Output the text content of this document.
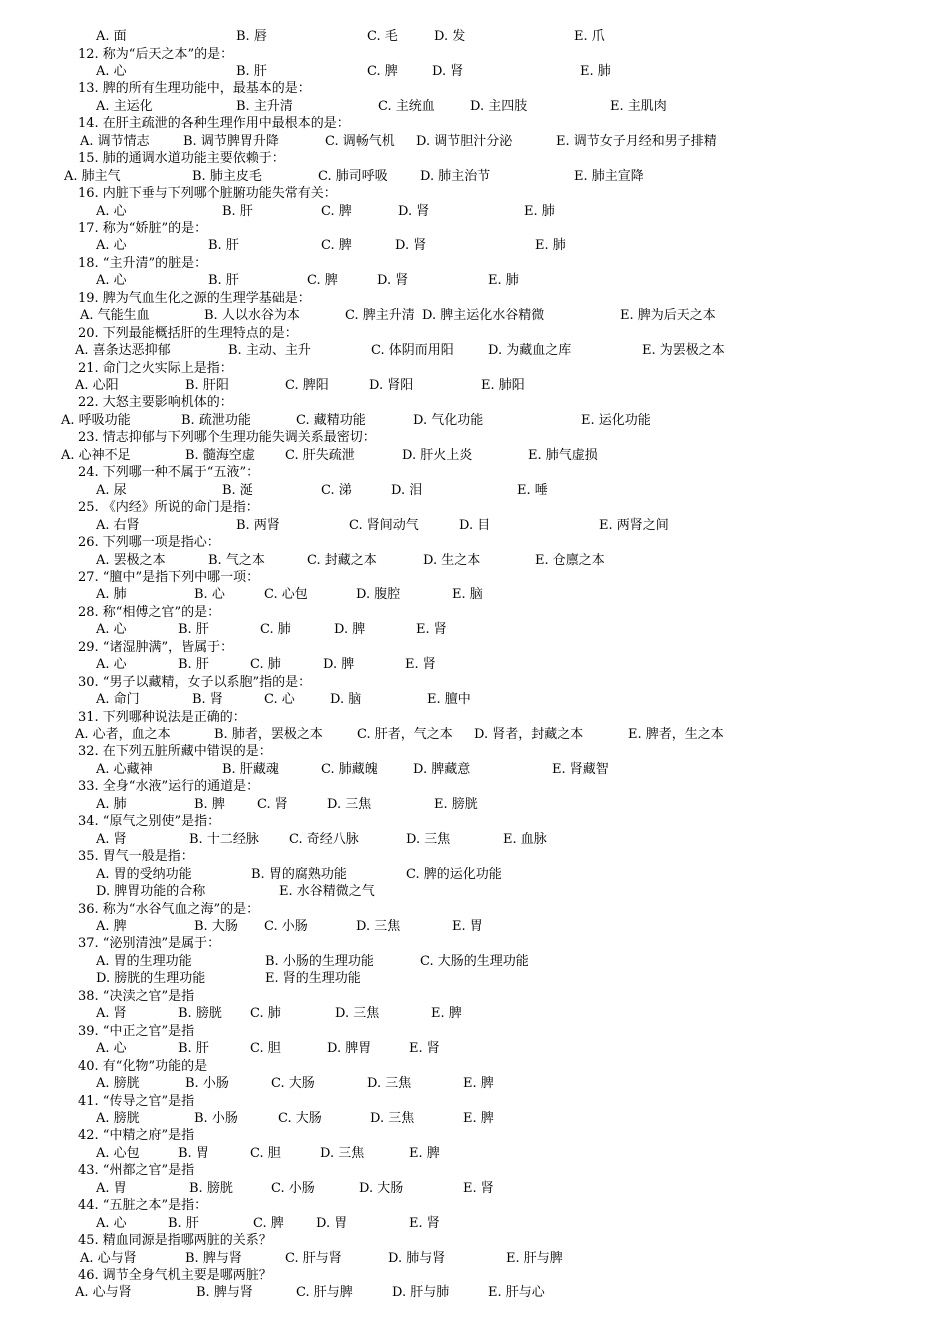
A. 面	B. 唇	C. 毛	D. 发	E. 爪
12. 称为“后天之本”的是：
A. 心	B. 肝	C. 脾	D. 肾	E. 肺
13. 脾的所有生理功能中，最基本的是：
A. 主运化	B. 主升清	C. 主统血	D. 主四肢	E. 主肌肉
14. 在肝主疏泄的各种生理作用中最根本的是：
A. 调节情志	B. 调节脾胃升降	C. 调畅气机 D. 调节胆汁分泌	E. 调节女子月经和男子排精
15. 肺的通调水道功能主要依赖于：
A. 肺主气	B. 肺主皮毛	C. 肺司呼吸 D. 肺主治节	E. 肺主宣降
16. 内脏下垂与下列哪个脏腑功能失常有关：
A. 心	B. 肝	C. 脾	D. 肾	E. 肺
17. 称为“娇脏”的是：
A. 心	B. 肝	C. 脾	D. 肾	E. 肺
18. “主升清”的脏是：
A. 心	B. 肝	C. 脾	D. 肾	E. 肺
19. 脾为气血生化之源的生理学基础是：
A. 气能生血	B. 人以水谷为本	C. 脾主升清 D. 脾主运化水谷精微	E. 脾为后天之本
20. 下列最能概括肝的生理特点的是：
A. 喜条达恶抑郁	B. 主动、主升	C. 体阴而用阳	D. 为藏血之库	E. 为罢极之本
21. 命门之火实际上是指：
A. 心阳	B. 肝阳	C. 脾阳	D. 肾阳	E. 肺阳
22. 大怒主要影响机体的：
A. 呼吸功能	B. 疏泄功能	C. 藏精功能	D. 气化功能	E. 运化功能
23. 情志抑郁与下列哪个生理功能失调关系最密切：
A. 心神不足	B. 髓海空虚 C. 肝失疏泄	D. 肝火上炎	E. 肺气虚损
24. 下列哪一种不属于“五液”：
A. 尿	B. 涎	C. 涕	D. 泪	E. 唾
25. 《内经》所说的命门是指：
A. 右肾	B. 两肾	C. 肾间动气	D. 目	E. 两肾之间
26. 下列哪一项是指心：
A. 罢极之本	B. 气之本	C. 封藏之本	D. 生之本	E. 仓廪之本
27. “膻中”是指下列中哪一项：
A. 肺	B. 心	C. 心包	D. 腹腔	E. 脑
28. 称“相傅之官”的是：
A. 心	B. 肝	C. 肺	D. 脾	E. 肾
29. “诸湿肿满”，皆属于：
A. 心	B. 肝	C. 肺	D. 脾	E. 肾
30. “男子以藏精，女子以系胞”指的是：
A. 命门	B. 肾	C. 心	D. 脑	E. 膻中
31. 下列哪种说法是正确的：
A. 心者，血之本	B. 肺者，罢极之本	C. 肝者，气之本 D. 肾者，封藏之本	E. 脾者，生之本
32. 在下列五脏所藏中错误的是：
A. 心藏神	B. 肝藏魂	C. 肺藏魄	D. 脾藏意	E. 肾藏智
33. 全身“水液”运行的通道是：
A. 肺	B. 脾 C. 肾	D. 三焦	E. 膀胱
34. “原气之别使”是指：
A. 肾	B. 十二经脉 C. 奇经八脉	D. 三焦	E. 血脉
35. 胃气一般是指：
A. 胃的受纳功能	B. 胃的腐熟功能	C. 脾的运化功能
D. 脾胃功能的合称	E. 水谷精微之气
36. 称为“水谷气血之海”的是：
A. 脾	B. 大肠 C. 小肠	D. 三焦	E. 胃
37. “泌别清浊”是属于：
A. 胃的生理功能	B. 小肠的生理功能	C. 大肠的生理功能
D. 膀胱的生理功能	E. 肾的生理功能
38. “决渎之官”是指
A. 肾	B. 膀胱 C. 肺	D. 三焦	E. 脾
39. “中正之官”是指
A. 心	B. 肝	C. 胆	D. 脾胃	E. 肾
40. 有“化物”功能的是
A. 膀胱	B. 小肠	C. 大肠	D. 三焦	E. 脾
41. “传导之官”是指
A. 膀胱	B. 小肠	C. 大肠	D. 三焦	E. 脾
42. “中精之府”是指
A. 心包	B. 胃	C. 胆	D. 三焦	E. 脾
43. “州都之官”是指
A. 胃	B. 膀胱	C. 小肠	D. 大肠	E. 肾
44. “五脏之本”是指：
A. 心	B. 肝	C. 脾 D. 胃	E. 肾
45. 精血同源是指哪两脏的关系？
A. 心与肾	B. 脾与肾	C. 肝与肾	D. 肺与肾	E. 肝与脾
46. 调节全身气机主要是哪两脏？
A. 心与肾	B. 脾与肾	C. 肝与脾	D. 肝与肺	E. 肝与心
